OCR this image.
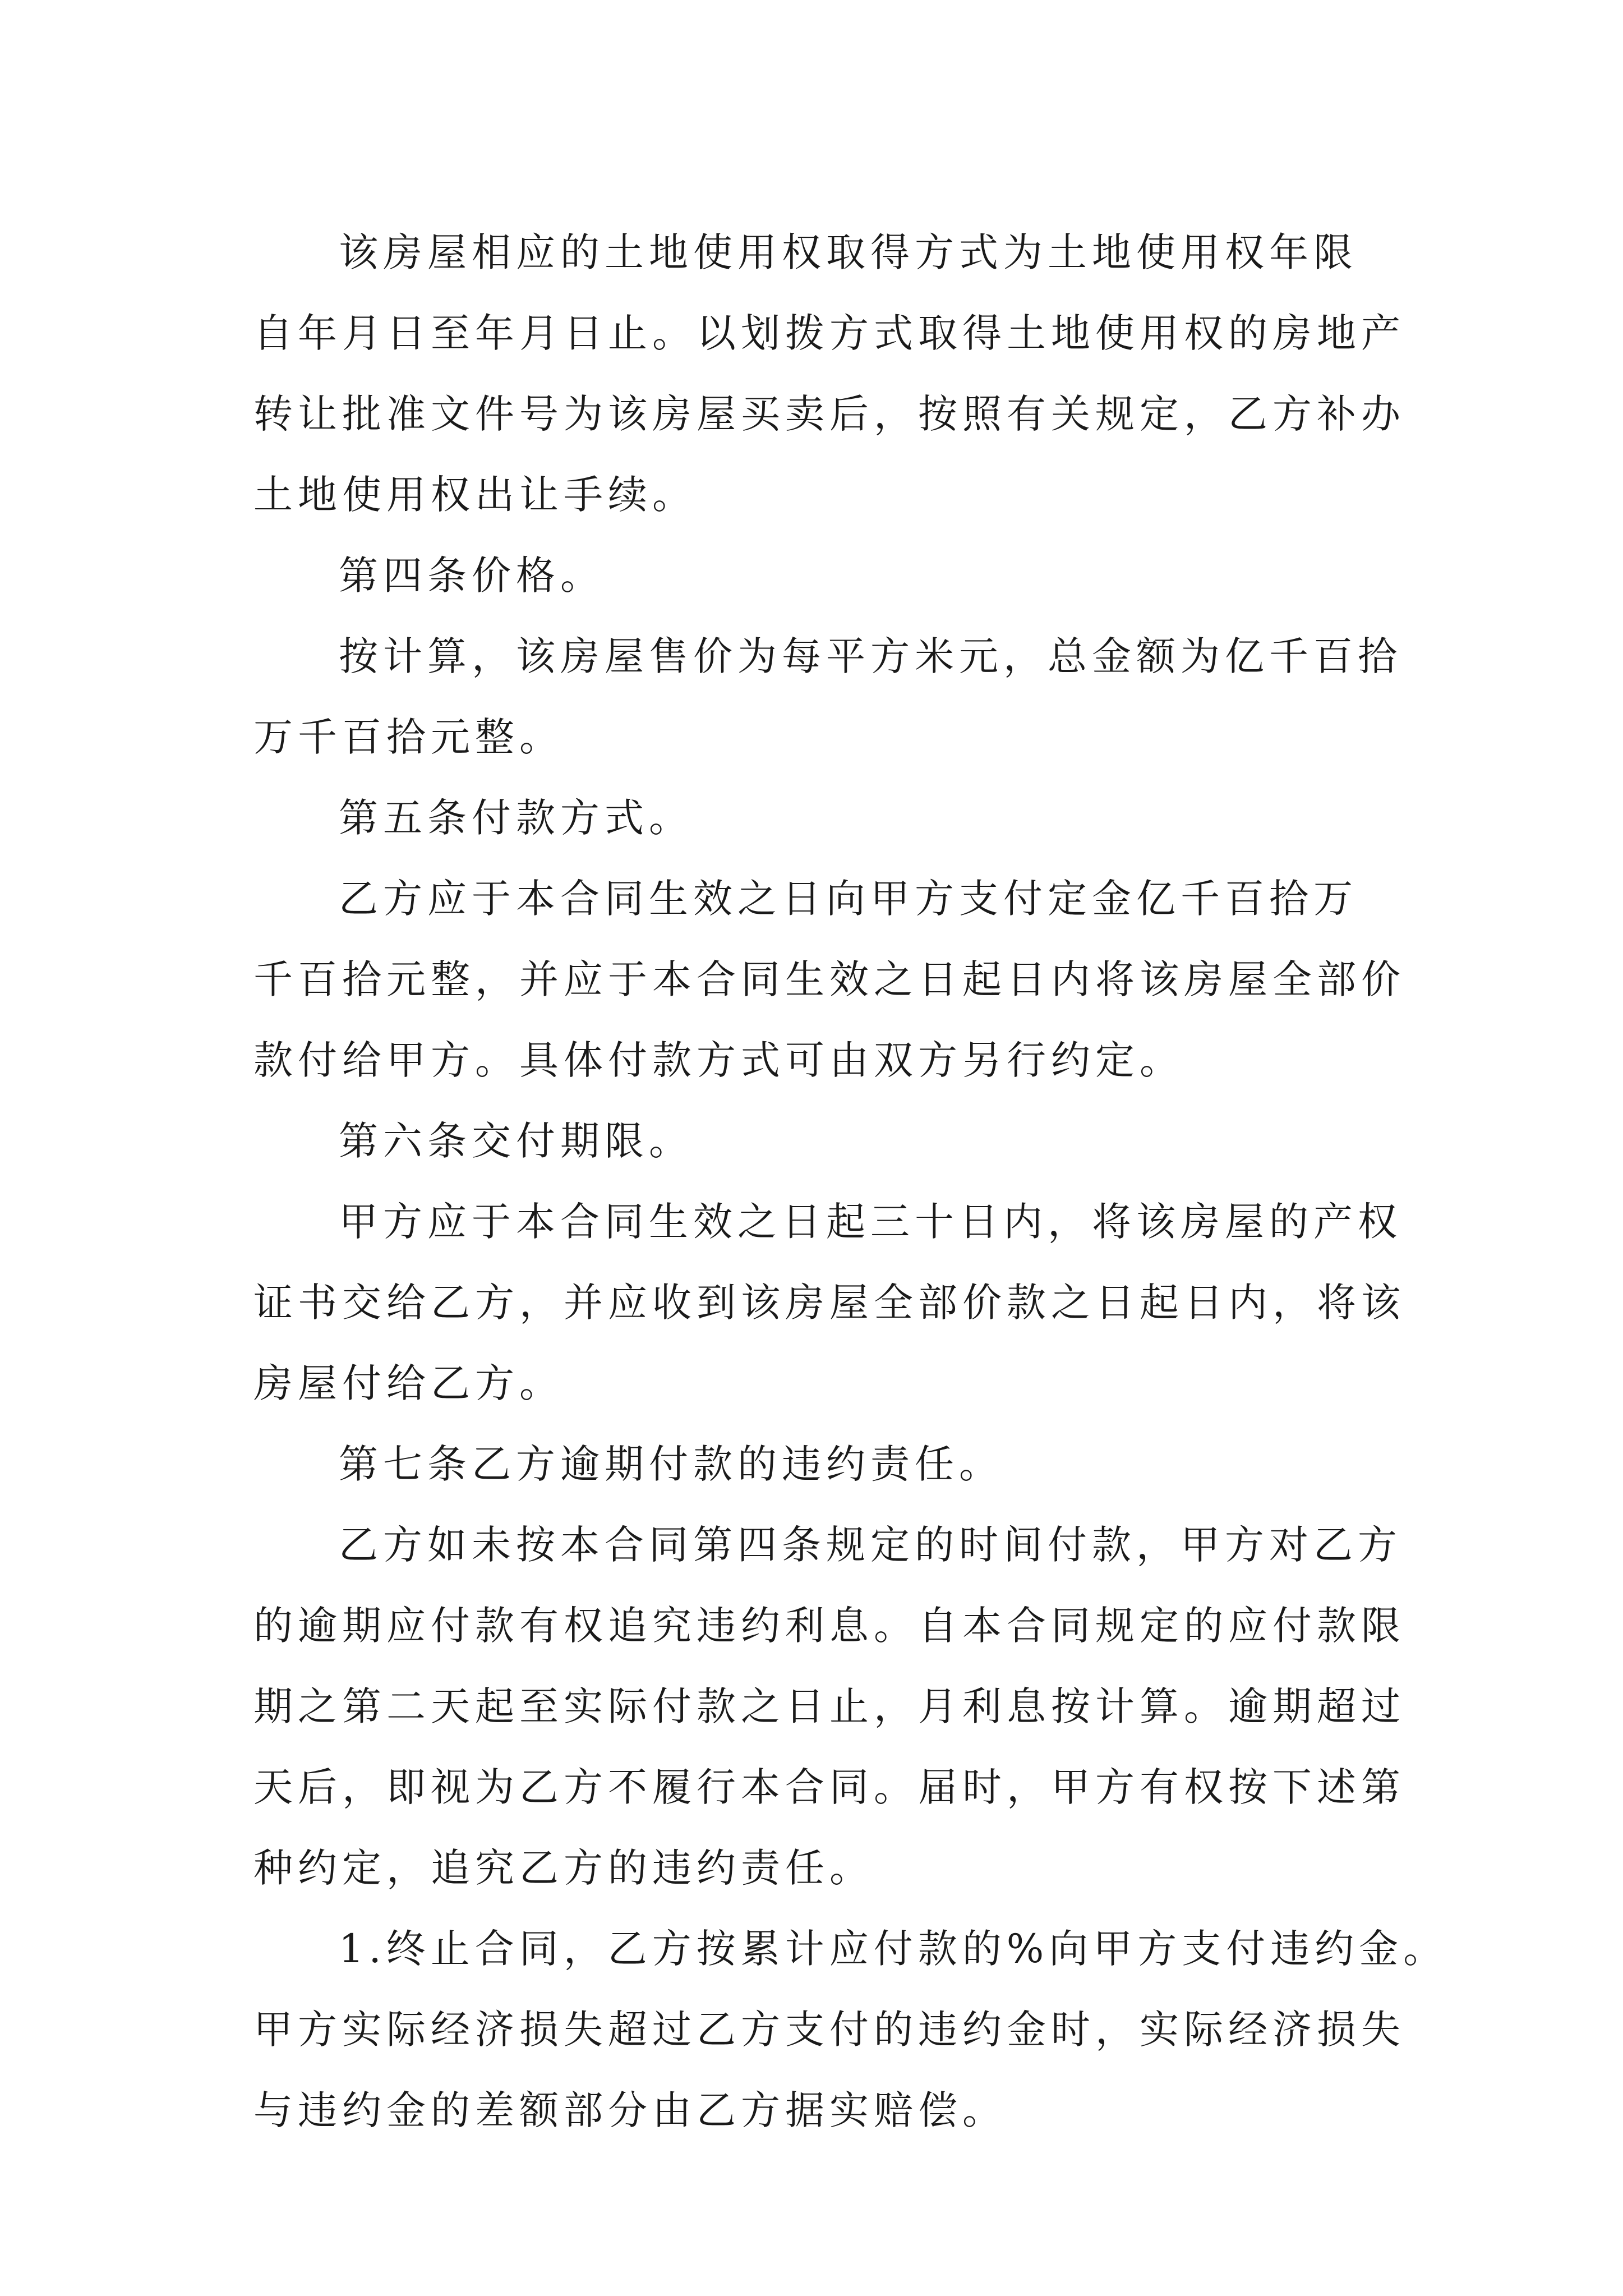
该房屋相应的土地使用权取得方式为土地使用权年限
自年月日至年月日止。以划拨方式取得土地使用权的房地产
转让批准文件号为该房屋买卖后，按照有关规定，乙方补办
土地使用权出让手续。

第四条价格。

按计算，该房屋售价为每平方米元，总金额为亿千百拾
万千百拾元整。

第五条付款方式。

乙方应于本合同生效之日向甲方支付定金亿千百拾万
千百拾元整，并应于本合同生效之日起日内将该房屋全部价
款付给甲方。具体付款方式可由双方另行约定。

第六条交付期限。

甲方应于本合同生效之日起三十日内，将该房屋的产权
证书交给乙方，并应收到该房屋全部价款之日起日内，将该
房屋付给乙方。

第七条乙方逾期付款的违约责任。

乙方如未按本合同第四条规定的时间付款，甲方对乙方
的逾期应付款有权追究违约利息。自本合同规定的应付款限
期之第二天起至实际付款之日止，月利息按计算。逾期超过
天后，即视为乙方不履行本合同。届时，甲方有权按下述第
种约定，追究乙方的违约责任。

1.终止合同，乙方按累计应付款的%向甲方支付违约金。
甲方实际经济损失超过乙方支付的违约金时，实际经济损失
与违约金的差额部分由乙方据实赔偿。
